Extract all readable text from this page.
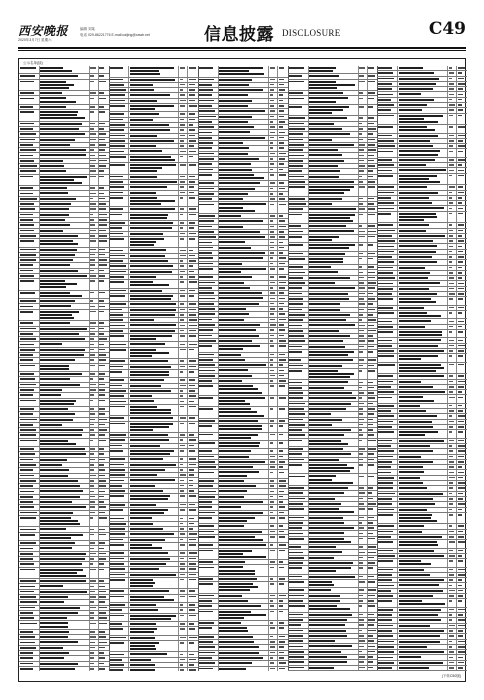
西安晚报
2020年3月7日 星期六
编辑 刘某
电话 029-86221776 E-mail:caijing@xawb.net	信息披露 DISCLOSURE	C49
公示名单(续)
(下转C50版)
